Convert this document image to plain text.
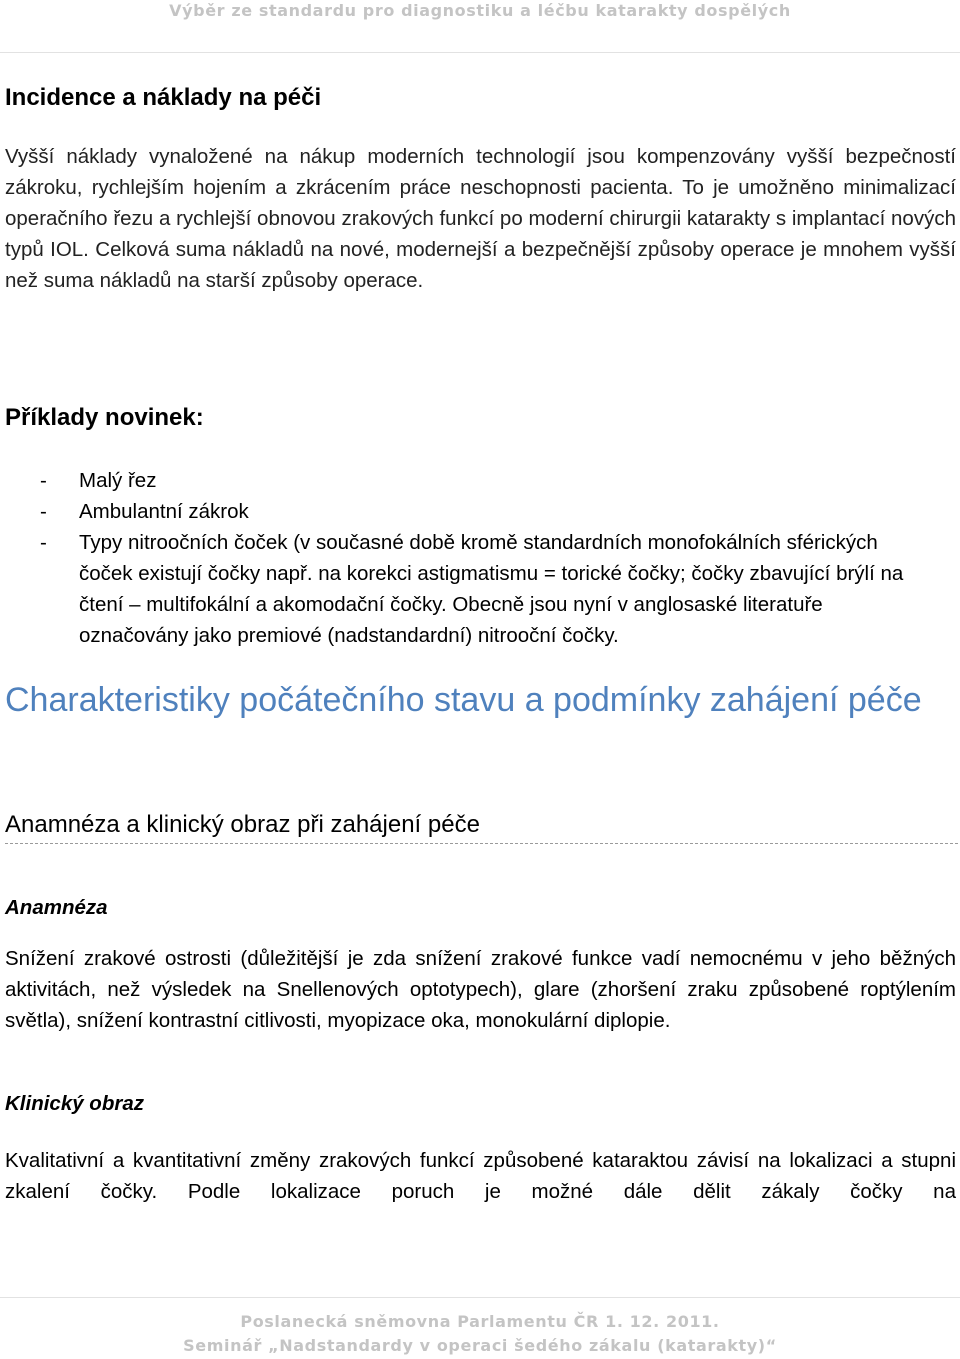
Výběr ze standardu pro diagnostiku a léčbu katarakty dospělých
Incidence a náklady na péči

Vyšší náklady vynaložené na nákup moderních technologií jsou kompenzovány vyšší bezpečností zákroku, rychlejším hojením a zkrácením práce neschopnosti pacienta. To je umožněno minimalizací operačního řezu a rychlejší obnovou zrakových funkcí po moderní chirurgii katarakty s implantací nových typů IOL. Celková suma nákladů na nové, modernejší a bezpečnější způsoby operace je mnohem vyšší než suma nákladů na starší způsoby operace.

Příklady novinek:
- Malý řez
- Ambulantní zákrok
- Typy nitroočních čoček (v současné době kromě standardních monofokálních sférických čoček existují čočky např. na korekci astigmatismu = torické čočky; čočky zbavující brýlí na čtení – multifokální a akomodační čočky. Obecně jsou nyní v anglosaské literatuře označovány jako premiové (nadstandardní) nitrooční čočky.
Charakteristiky počátečního stavu a podmínky zahájení péče
Anamnéza a klinický obraz při zahájení péče
Anamnéza

Snížení zrakové ostrosti (důležitější je zda snížení zrakové funkce vadí nemocnému v jeho běžných aktivitách, než výsledek na Snellenových optotypech), glare (zhoršení zraku způsobené roptýlením světla), snížení kontrastní citlivosti, myopizace oka, monokulární diplopie.

Klinický obraz

Kvalitativní a kvantitativní změny zrakových funkcí způsobené kataraktou závisí na lokalizaci a stupni zkalení čočky. Podle lokalizace poruch je možné dále dělit zákaly čočky na

Poslanecká sněmovna Parlamentu ČR 1. 12. 2011.
Seminář „Nadstandardy v operaci šedého zákalu (katarakty)“
